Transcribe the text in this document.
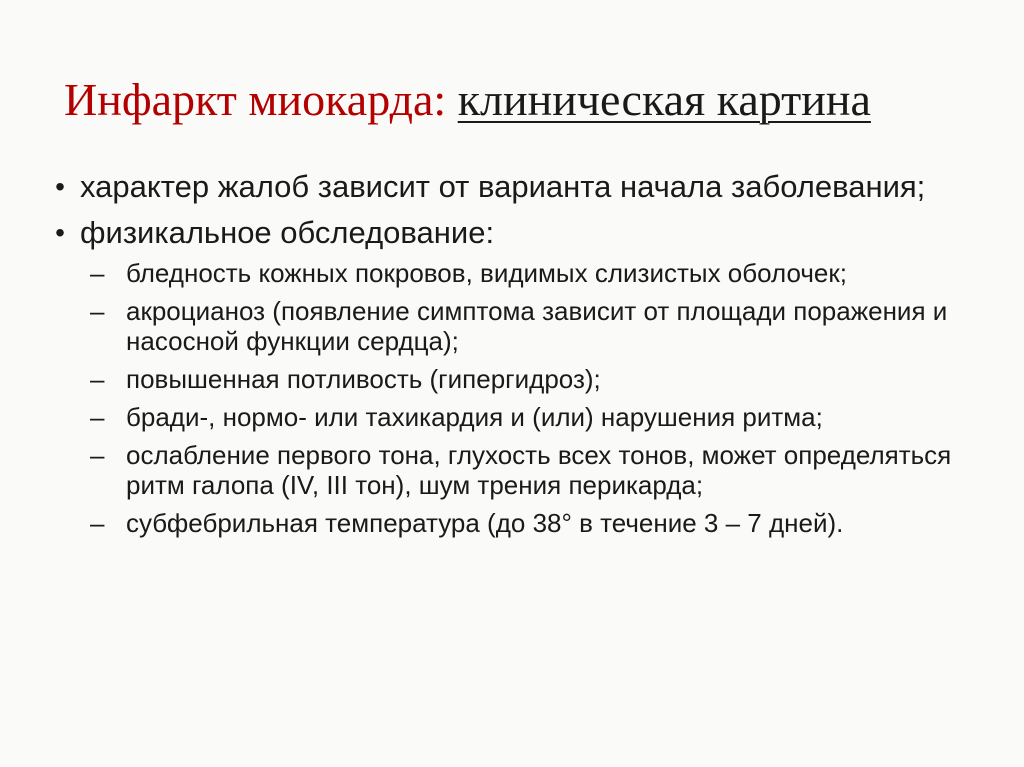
Инфаркт миокарда: клиническая картина
• характер жалоб зависит от варианта начала заболевания;
• физикальное обследование:
– бледность кожных покровов, видимых слизистых оболочек;
– акроцианоз (появление симптома зависит от площади поражения и насосной функции сердца);
– повышенная потливость (гипергидроз);
– бради-, нормо- или тахикардия и (или) нарушения ритма;
– ослабление первого тона, глухость всех тонов, может определяться ритм галопа (IV, III тон), шум трения перикарда;
– субфебрильная температура (до 38° в течение 3 – 7 дней).
